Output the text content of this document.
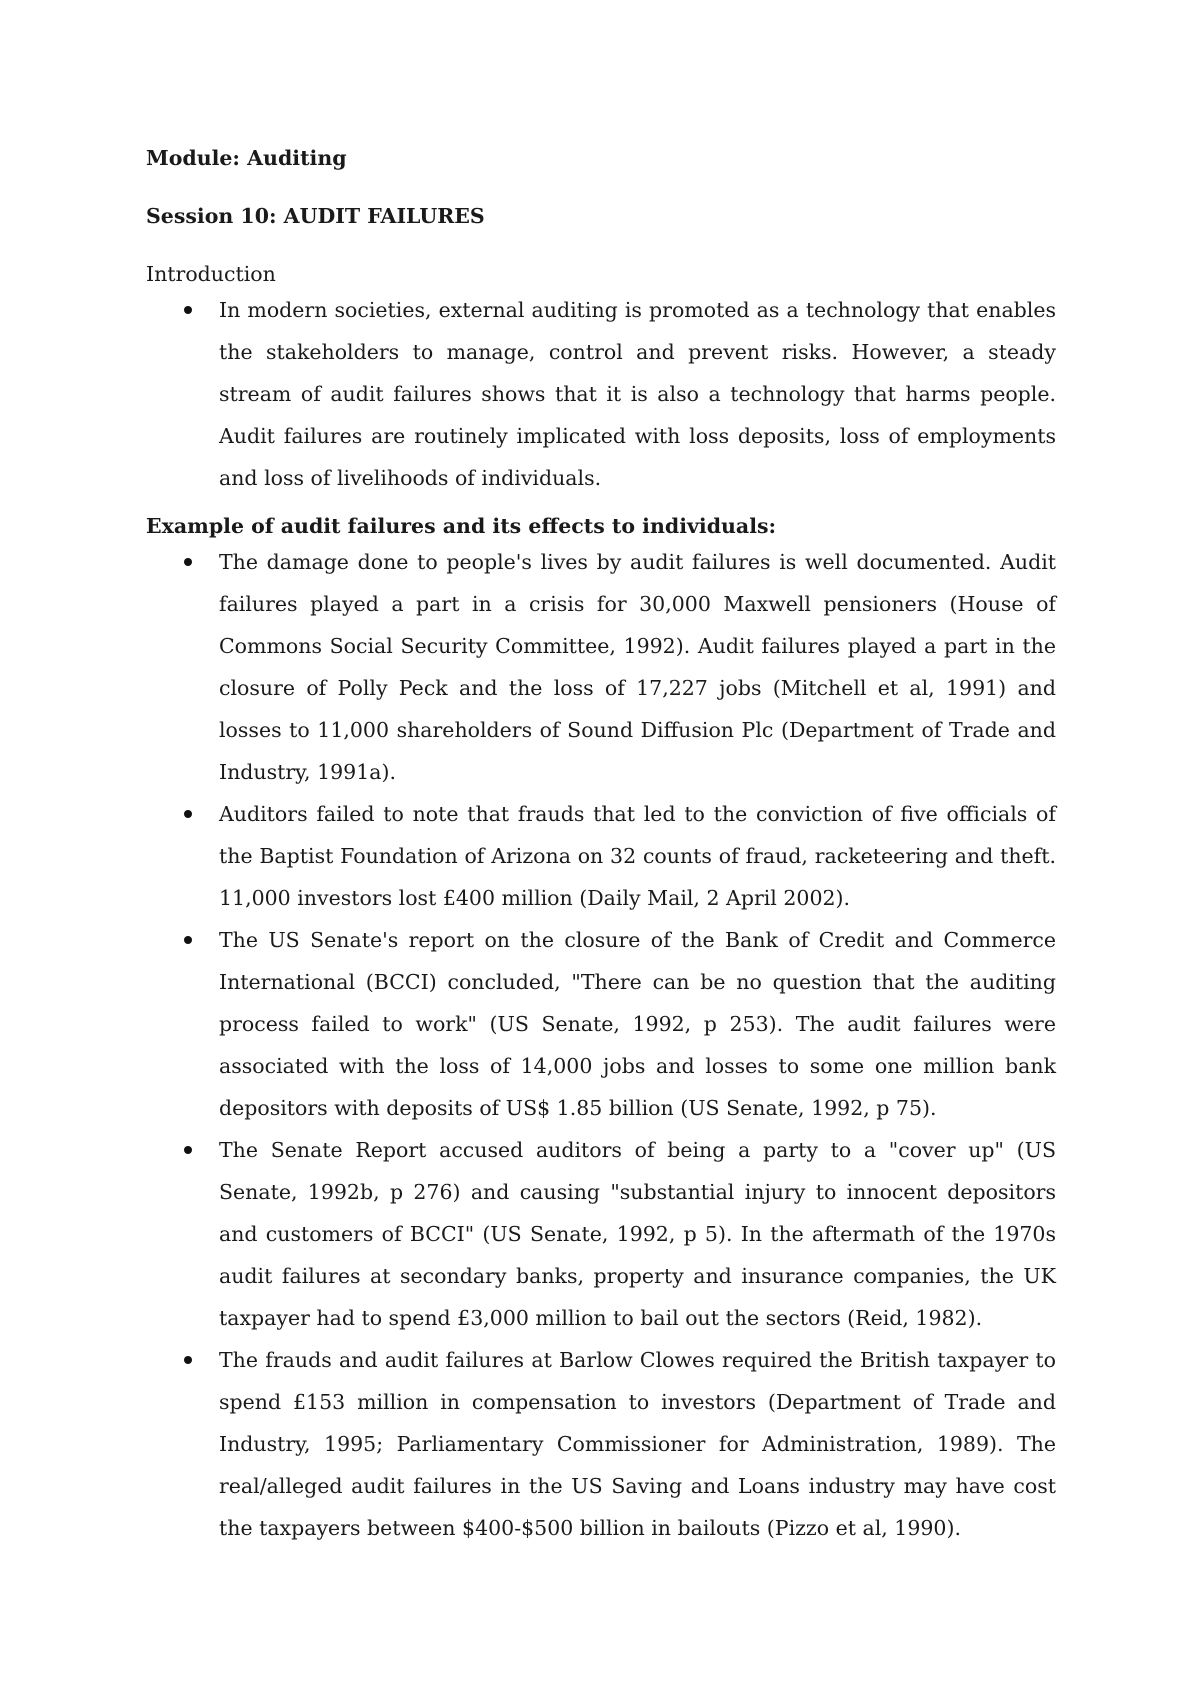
Module: Auditing

Session 10: AUDIT FAILURES

Introduction

In modern societies, external auditing is promoted as a technology that enables the stakeholders to manage, control and prevent risks. However, a steady stream of audit failures shows that it is also a technology that harms people. Audit failures are routinely implicated with loss deposits, loss of employments and loss of livelihoods of individuals.

Example of audit failures and its effects to individuals:

The damage done to people's lives by audit failures is well documented. Audit failures played a part in a crisis for 30,000 Maxwell pensioners (House of Commons Social Security Committee, 1992). Audit failures played a part in the closure of Polly Peck and the loss of 17,227 jobs (Mitchell et al, 1991) and losses to 11,000 shareholders of Sound Diffusion Plc (Department of Trade and Industry, 1991a).
Auditors failed to note that frauds that led to the conviction of five officials of the Baptist Foundation of Arizona on 32 counts of fraud, racketeering and theft. 11,000 investors lost £400 million (Daily Mail, 2 April 2002).
The US Senate's report on the closure of the Bank of Credit and Commerce International (BCCI) concluded, "There can be no question that the auditing process failed to work" (US Senate, 1992, p 253). The audit failures were associated with the loss of 14,000 jobs and losses to some one million bank depositors with deposits of US$ 1.85 billion (US Senate, 1992, p 75).
The Senate Report accused auditors of being a party to a "cover up" (US Senate, 1992b, p 276) and causing "substantial injury to innocent depositors and customers of BCCI" (US Senate, 1992, p 5). In the aftermath of the 1970s audit failures at secondary banks, property and insurance companies, the UK taxpayer had to spend £3,000 million to bail out the sectors (Reid, 1982).
The frauds and audit failures at Barlow Clowes required the British taxpayer to spend £153 million in compensation to investors (Department of Trade and Industry, 1995; Parliamentary Commissioner for Administration, 1989). The real/alleged audit failures in the US Saving and Loans industry may have cost the taxpayers between $400-$500 billion in bailouts (Pizzo et al, 1990).
